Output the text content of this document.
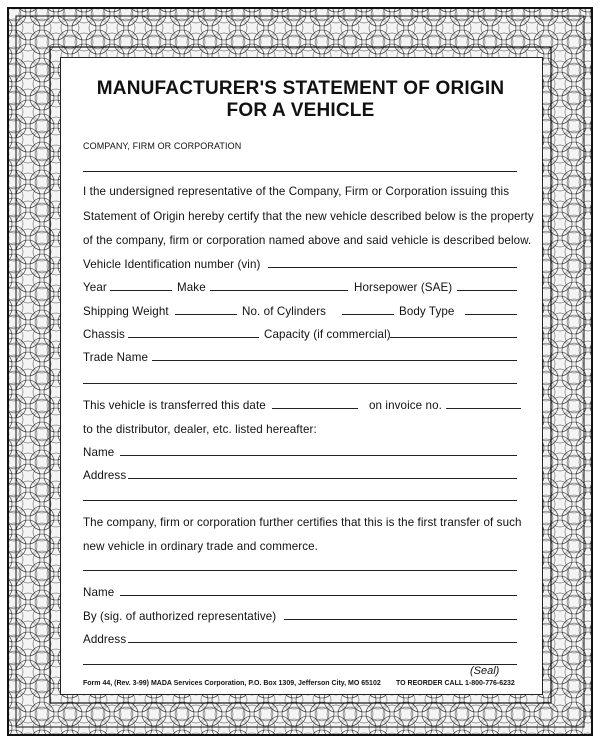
MANUFACTURER'S STATEMENT OF ORIGIN
FOR A VEHICLE
COMPANY, FIRM OR CORPORATION
I the undersigned representative of the Company, Firm or Corporation issuing this
Statement of Origin hereby certify that the new vehicle described below is the property
of the company, firm or corporation named above and said vehicle is described below.
Vehicle Identification number (vin)
Year	Make	Horsepower (SAE)
Shipping Weight	No. of Cylinders	Body Type
Chassis	Capacity (if commercial)
Trade Name
This vehicle is transferred this date	on invoice no.
to the distributor, dealer, etc. listed hereafter:
Name
Address
The company, firm or corporation further certifies that this is the first transfer of such
new vehicle in ordinary trade and commerce.
Name
By (sig. of authorized representative)
Address
(Seal)
Form 44, (Rev. 3-99) MADA Services Corporation, P.O. Box 1309, Jefferson City, MO 65102 TO REORDER CALL 1-800-776-6232
